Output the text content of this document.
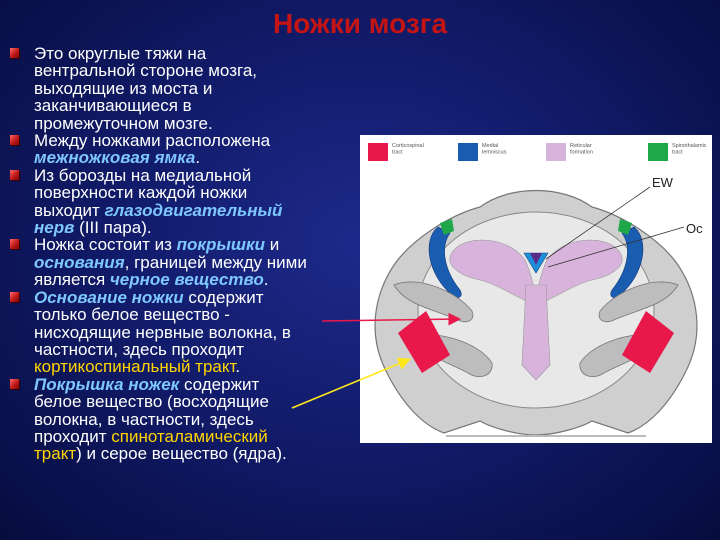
Ножки мозга
Это округлые тяжи на
вентральной стороне мозга,
выходящие из моста и
заканчивающиеся в
промежуточном мозге.
Между ножками расположена
межножковая ямка.
Из борозды на медиальной
поверхности каждой ножки
выходит глазодвигательный
нерв (III пара).
Ножка состоит из покрышки и
основания, границей между ними
является черное вещество.
Основание ножки содержит
только белое вещество -
нисходящие нервные волокна, в
частности, здесь проходит
кортикоспинальный тракт.
Покрышка ножек содержит
белое вещество (восходящие
волокна, в частности, здесь
проходит спиноталамический
тракт) и серое вещество (ядра).
Corticospinal tract
Medial lemniscus
Reticular formation
Spinothalamic tract
EW
Oc
